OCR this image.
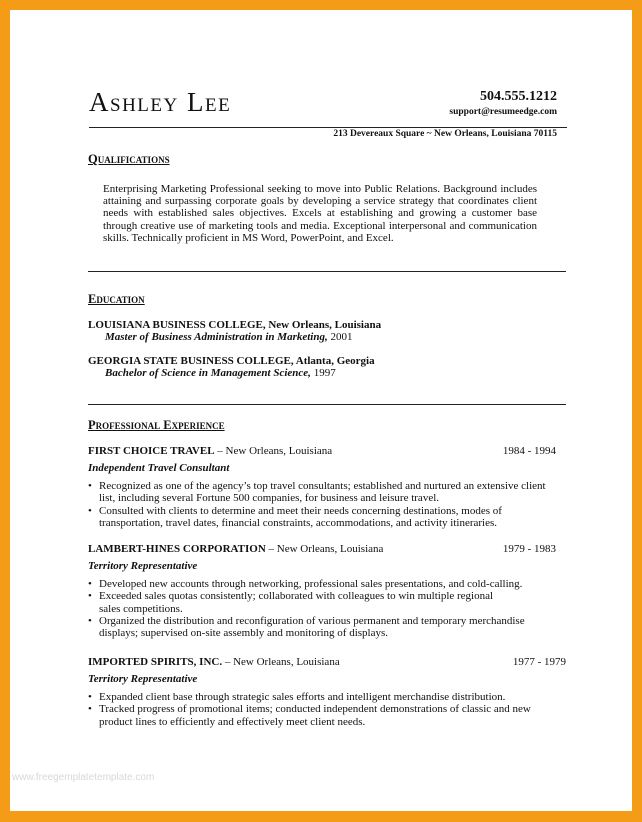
Ashley Lee	504.555.1212
support@resumeedge.com
213 Devereaux Square ~ New Orleans, Louisiana 70115
Qualifications
Enterprising Marketing Professional seeking to move into Public Relations. Background includes attaining and surpassing corporate goals by developing a service strategy that coordinates client needs with established sales objectives. Excels at establishing and growing a customer base through creative use of marketing tools and media. Exceptional interpersonal and communication skills. Technically proficient in MS Word, PowerPoint, and Excel.
Education
LOUISIANA BUSINESS COLLEGE, New Orleans, Louisiana
Master of Business Administration in Marketing, 2001
GEORGIA STATE BUSINESS COLLEGE, Atlanta, Georgia
Bachelor of Science in Management Science, 1997
Professional Experience
FIRST CHOICE TRAVEL – New Orleans, Louisiana	1984 - 1994
Independent Travel Consultant
• Recognized as one of the agency’s top travel consultants; established and nurtured an extensive client list, including several Fortune 500 companies, for business and leisure travel.
• Consulted with clients to determine and meet their needs concerning destinations, modes of transportation, travel dates, financial constraints, accommodations, and activity itineraries.
LAMBERT-HINES CORPORATION – New Orleans, Louisiana	1979 - 1983
Territory Representative
• Developed new accounts through networking, professional sales presentations, and cold-calling.
• Exceeded sales quotas consistently; collaborated with colleagues to win multiple regional sales competitions.
• Organized the distribution and reconfiguration of various permanent and temporary merchandise displays; supervised on-site assembly and monitoring of displays.
IMPORTED SPIRITS, INC. – New Orleans, Louisiana	1977 - 1979
Territory Representative
• Expanded client base through strategic sales efforts and intelligent merchandise distribution.
• Tracked progress of promotional items; conducted independent demonstrations of classic and new product lines to efficiently and effectively meet client needs.
www.freegemplatetemplate.com
